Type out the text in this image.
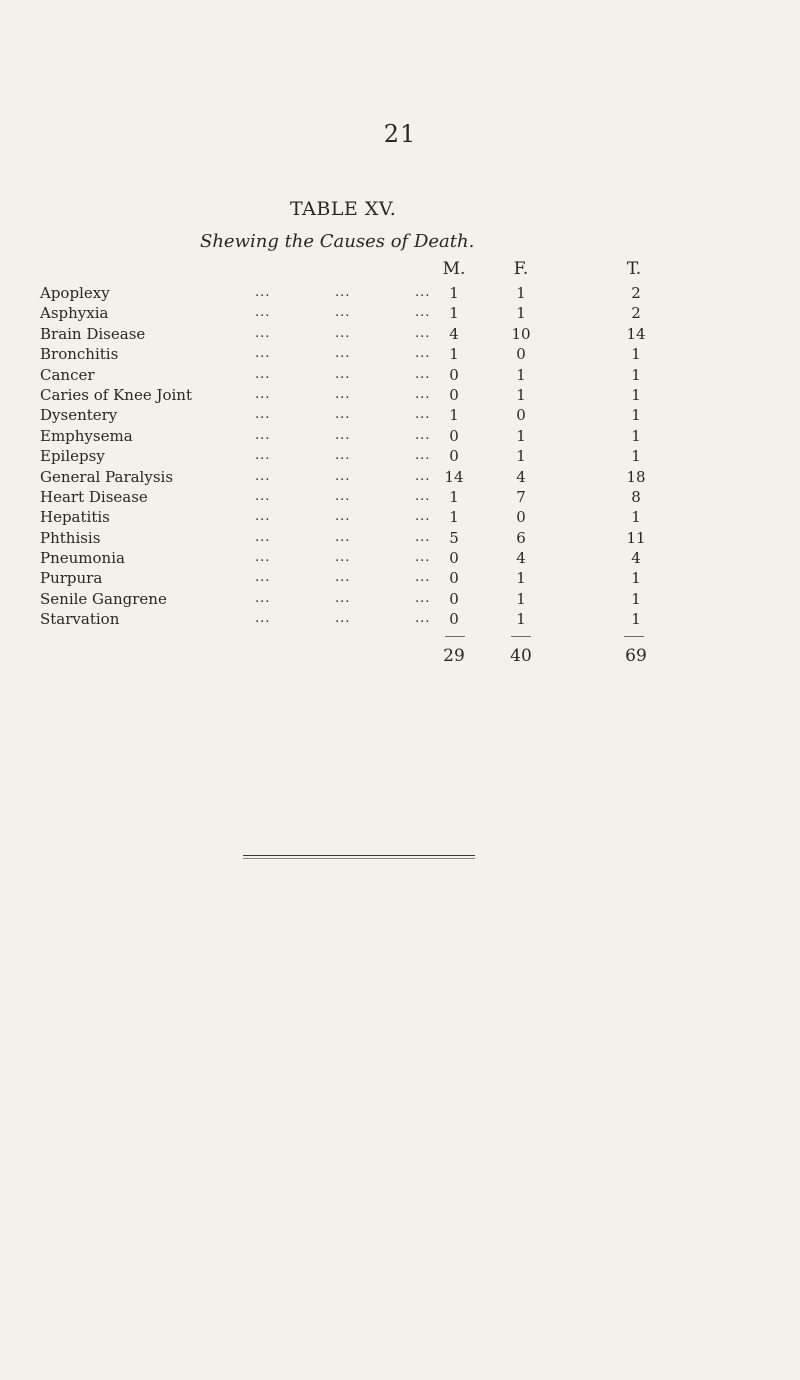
21
TABLE XV.
Shewing the Causes of Death.
M.	F.	T.
Apoplexy	...	...	...	1	1	2
Asphyxia	...	...	...	1	1	2
Brain Disease	...	...	...	4	10	14
Bronchitis	...	...	...	1	0	1
Cancer	...	...	...	0	1	1
Caries of Knee Joint	...	...	...	0	1	1
Dysentery	...	...	...	1	0	1
Emphysema	...	...	...	0	1	1
Epilepsy	...	...	...	0	1	1
General Paralysis	...	...	... 14	4	18
Heart Disease	...	...	...	1	7	8
Hepatitis	...	...	...	1	0	1
Phthisis	...	...	...	5	6	11
Pneumonia	...	...	...	0	4	4
Purpura	...	...	...	0	1	1
Senile Gangrene	...	...	...	0	1	1
Starvation	...	...	...	0	1	1
29	40	69
